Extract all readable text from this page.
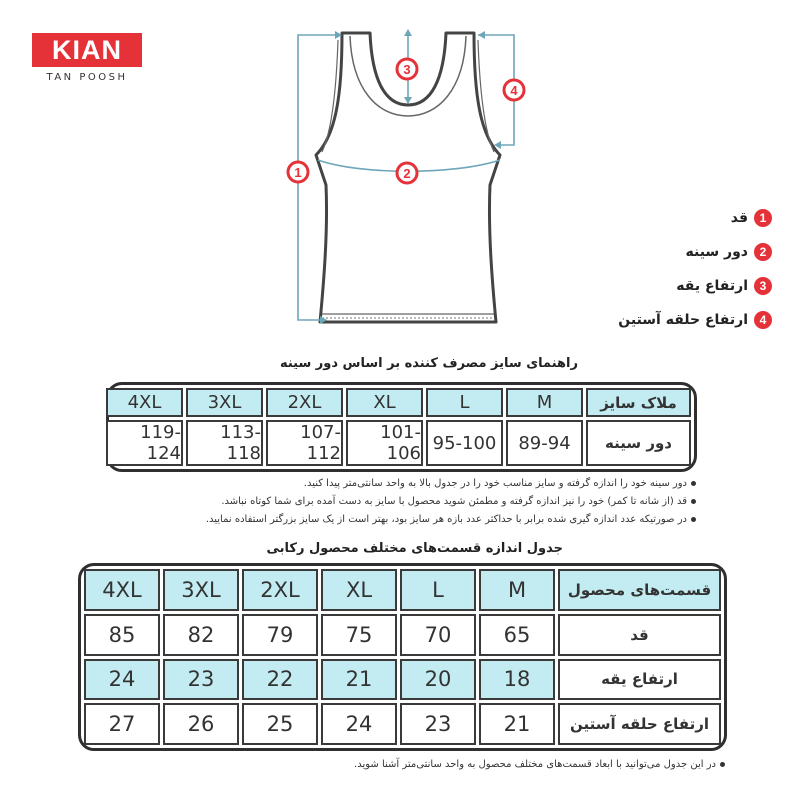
KIAN
TAN POOSH
1	2
3
4
1
قد
2
دور سینه
3
ارتفاع یقه
4
ارتفاع حلقه آستین
راهنمای سایز مصرف کننده بر اساس دور سینه
ملاک سایز
M
L
XL
2XL
3XL
4XL
دور سینه
89-94
95-100
101-106
107-112
113-118
119-124
دور سینه خود را اندازه گرفته و سایز مناسب خود را در جدول بالا به واحد سانتی‌متر پیدا کنید.
قد (از شانه تا کمر) خود را نیز اندازه گرفته و مطمئن شوید محصول با سایز به دست آمده برای شما کوتاه نباشد.
در صورتیکه عدد اندازه گیری شده برابر با حداکثر عدد بازه هر سایز بود، بهتر است از یک سایز بزرگتر استفاده نمایید.
جدول اندازه قسمت‌های مختلف محصول رکابی
قسمت‌های محصول
M
L
XL
2XL
3XL
4XL
قد
65
70
75
79
82
85
ارتفاع یقه
18
20
21
22
23
24
ارتفاع حلقه آستین
21
23
24
25
26
27
در این جدول می‌توانید با ابعاد قسمت‌های مختلف محصول به واحد سانتی‌متر آشنا شوید.
